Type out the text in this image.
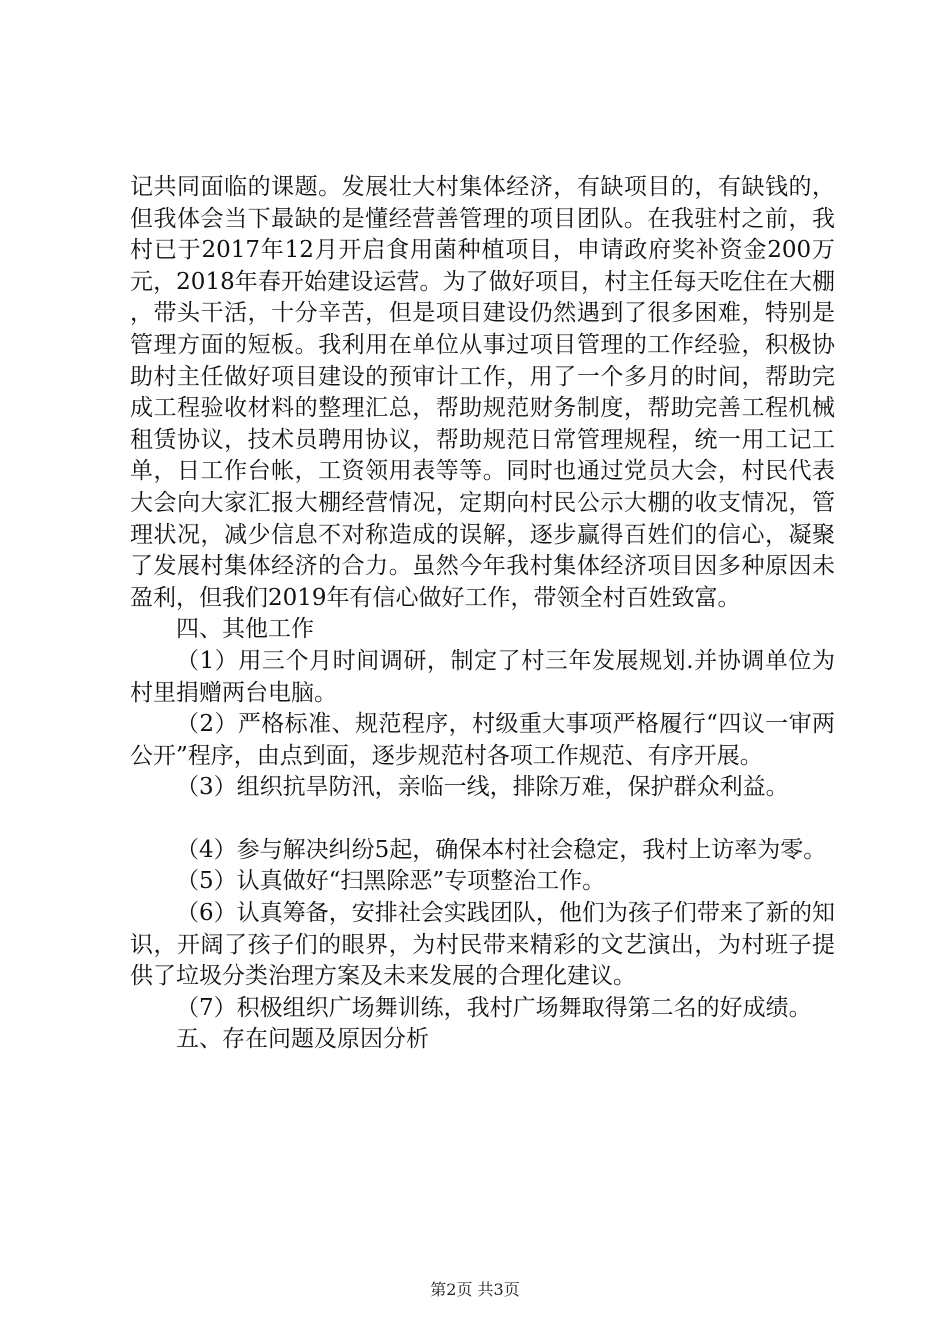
记共同面临的课题。发展壮大村集体经济，有缺项目的，有缺钱的，但我体会当下最缺的是懂经营善管理的项目团队。在我驻村之前，我村已于2017年12月开启食用菌种植项目，申请政府奖补资金200万元，2018年春开始建设运营。为了做好项目，村主任每天吃住在大棚，带头干活，十分辛苦，但是项目建设仍然遇到了很多困难，特别是管理方面的短板。我利用在单位从事过项目管理的工作经验，积极协助村主任做好项目建设的预审计工作，用了一个多月的时间，帮助完成工程验收材料的整理汇总，帮助规范财务制度，帮助完善工程机械租赁协议，技术员聘用协议，帮助规范日常管理规程，统一用工记工单，日工作台帐，工资领用表等等。同时也通过党员大会，村民代表大会向大家汇报大棚经营情况，定期向村民公示大棚的收支情况，管理状况，减少信息不对称造成的误解，逐步赢得百姓们的信心，凝聚了发展村集体经济的合力。虽然今年我村集体经济项目因多种原因未盈利，但我们2019年有信心做好工作，带领全村百姓致富。

四、其他工作

（1）用三个月时间调研，制定了村三年发展规划.并协调单位为村里捐赠两台电脑。

（2）严格标准、规范程序，村级重大事项严格履行“四议一审两公开”程序，由点到面，逐步规范村各项工作规范、有序开展。

（3）组织抗旱防汛，亲临一线，排除万难，保护群众利益。

（4）参与解决纠纷5起，确保本村社会稳定，我村上访率为零。

（5）认真做好“扫黑除恶”专项整治工作。

（6）认真筹备，安排社会实践团队，他们为孩子们带来了新的知识，开阔了孩子们的眼界，为村民带来精彩的文艺演出，为村班子提供了垃圾分类治理方案及未来发展的合理化建议。

（7）积极组织广场舞训练，我村广场舞取得第二名的好成绩。

五、存在问题及原因分析

第2页 共3页
